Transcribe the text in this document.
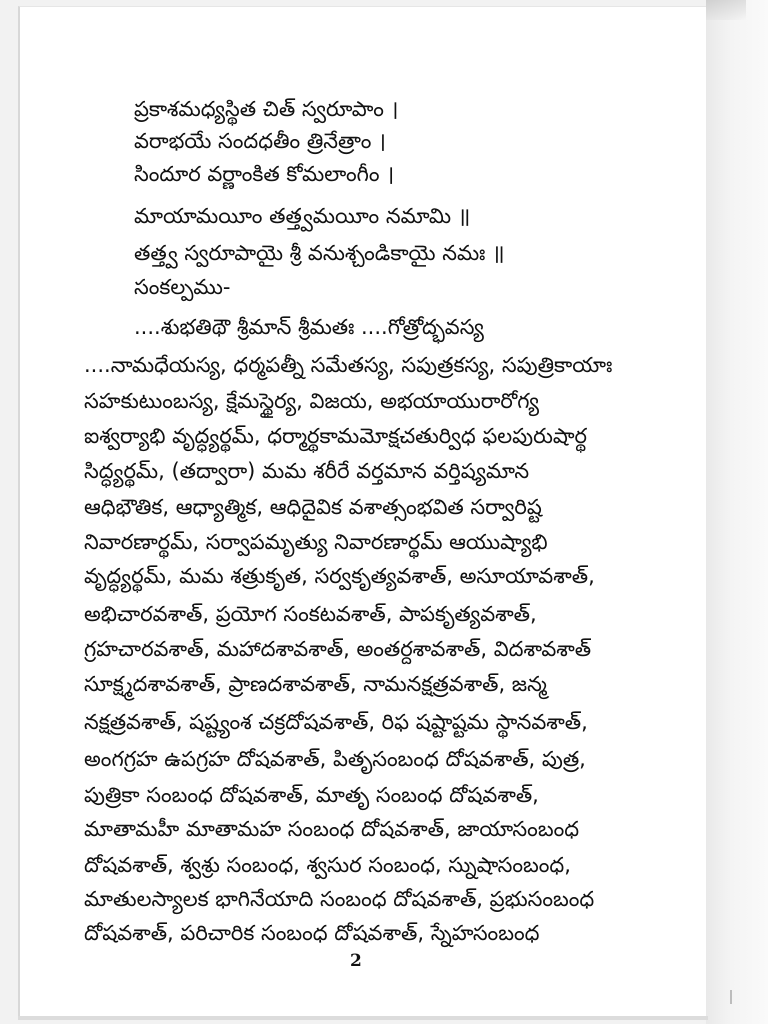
ప్రకాశమధ్యస్థిత చిత్ స్వరూపాం ।
వరాభయే సందధతీం త్రినేత్రాం ।
సిందూర వర్ణాంకిత కోమలాంగీం ।
మాయామయీం తత్త్వమయీం నమామి ॥
తత్త్వ స్వరూపాయై శ్రీ వనుశ్చండికాయై నమః ॥
సంకల్పము-
....శుభతిథౌ శ్రీమాన్ శ్రీమతః ....గోత్రోద్భవస్య
....నామధేయస్య, ధర్మపత్నీ సమేతస్య, సపుత్రకస్య, సపుత్రికాయాః
సహకుటుంబస్య, క్షేమస్థైర్య, విజయ, అభయాయురారోగ్య
ఐశ్వర్యాభి వృద్ధ్యర్థమ్, ధర్మార్థకామమోక్షచతుర్విధ ఫలపురుషార్థ
సిద్ధ్యర్థమ్, (తద్వారా) మమ శరీరే వర్తమాన వర్తిష్యమాన
ఆధిభౌతిక, ఆధ్యాత్మిక, ఆధిదైవిక వశాత్సంభవిత సర్వారిష్ట
నివారణార్థమ్, సర్వాపమృత్యు నివారణార్థమ్ ఆయుష్యాభి
వృద్ధ్యర్థమ్, మమ శత్రుకృత, సర్వకృత్యవశాత్, అసూయావశాత్,
అభిచారవశాత్, ప్రయోగ సంకటవశాత్, పాపకృత్యవశాత్,
గ్రహచారవశాత్, మహాదశావశాత్, అంతర్దశావశాత్, విదశావశాత్
సూక్ష్మదశావశాత్, ప్రాణదశావశాత్, నామనక్షత్రవశాత్, జన్మ
నక్షత్రవశాత్, షష్ట్యంశ చక్రదోషవశాత్, రిఫ షష్టాష్టమ స్థానవశాత్,
అంగగ్రహ ఉపగ్రహ దోషవశాత్, పితృసంబంధ దోషవశాత్, పుత్ర,
పుత్రికా సంబంధ దోషవశాత్, మాతృ సంబంధ దోషవశాత్,
మాతామహీ మాతామహ సంబంధ దోషవశాత్, జాయాసంబంధ
దోషవశాత్, శ్వశ్రు సంబంధ, శ్వసుర సంబంధ, స్నుషాసంబంధ,
మాతులస్యాలక భాగినేయాది సంబంధ దోషవశాత్, ప్రభుసంబంధ
దోషవశాత్, పరిచారిక సంబంధ దోషవశాత్, స్నేహసంబంధ
2
